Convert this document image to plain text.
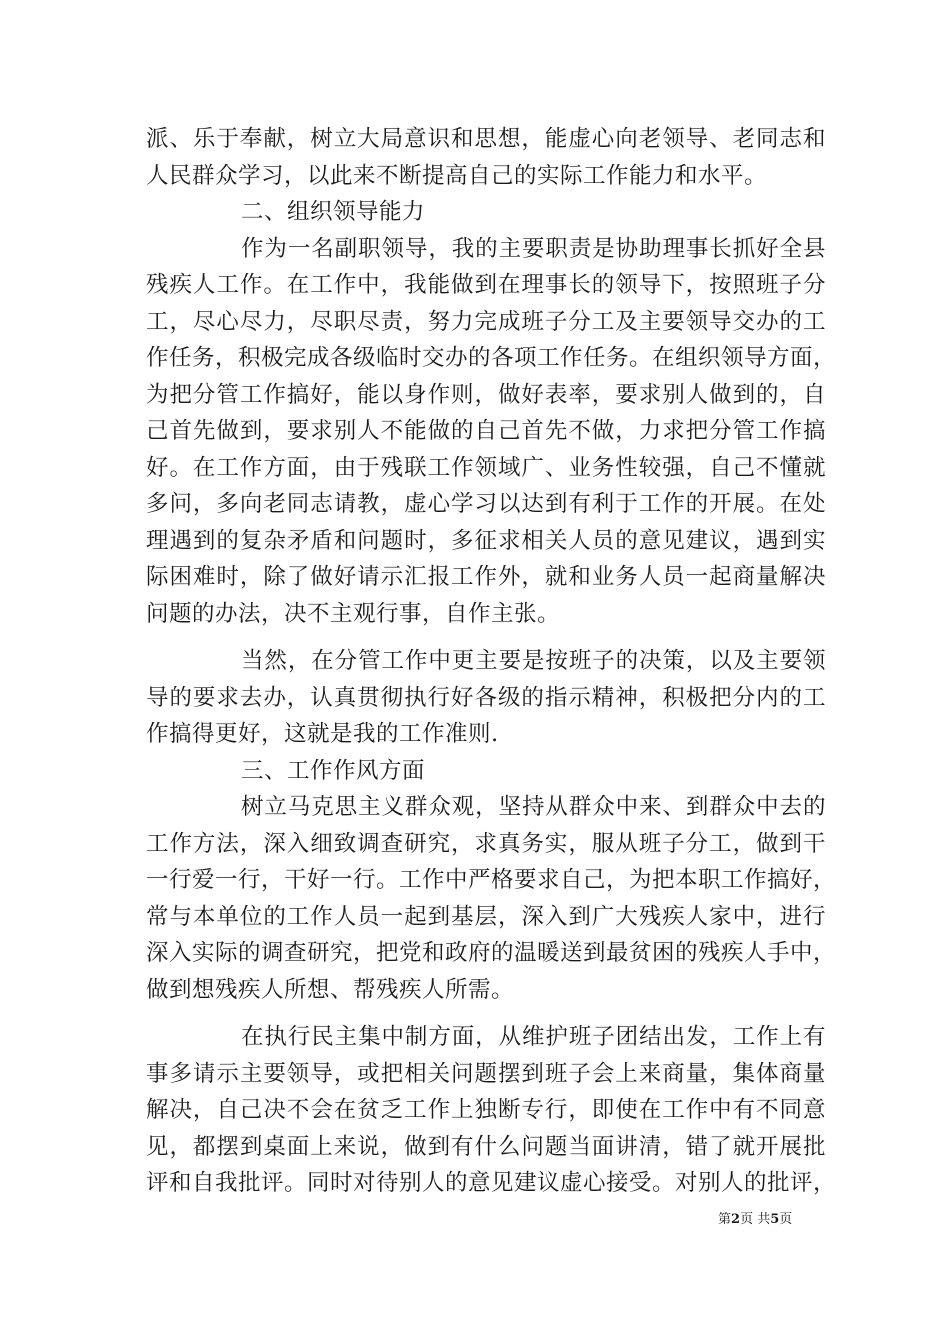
派、乐于奉献，树立大局意识和思想，能虚心向老领导、老同志和
人民群众学习，以此来不断提高自己的实际工作能力和水平。
二、组织领导能力
作为一名副职领导，我的主要职责是协助理事长抓好全县
残疾人工作。在工作中，我能做到在理事长的领导下，按照班子分
工，尽心尽力，尽职尽责，努力完成班子分工及主要领导交办的工
作任务，积极完成各级临时交办的各项工作任务。在组织领导方面，
为把分管工作搞好，能以身作则，做好表率，要求别人做到的，自
己首先做到，要求别人不能做的自己首先不做，力求把分管工作搞
好。在工作方面，由于残联工作领域广、业务性较强，自己不懂就
多问，多向老同志请教，虚心学习以达到有利于工作的开展。在处
理遇到的复杂矛盾和问题时，多征求相关人员的意见建议，遇到实
际困难时，除了做好请示汇报工作外，就和业务人员一起商量解决
问题的办法，决不主观行事，自作主张。
当然，在分管工作中更主要是按班子的决策，以及主要领
导的要求去办，认真贯彻执行好各级的指示精神，积极把分内的工
作搞得更好，这就是我的工作准则.
三、工作作风方面
树立马克思主义群众观，坚持从群众中来、到群众中去的
工作方法，深入细致调查研究，求真务实，服从班子分工，做到干
一行爱一行，干好一行。工作中严格要求自己，为把本职工作搞好，
常与本单位的工作人员一起到基层，深入到广大残疾人家中，进行
深入实际的调查研究，把党和政府的温暖送到最贫困的残疾人手中，
做到想残疾人所想、帮残疾人所需。
在执行民主集中制方面，从维护班子团结出发，工作上有
事多请示主要领导，或把相关问题摆到班子会上来商量，集体商量
解决，自己决不会在贫乏工作上独断专行，即使在工作中有不同意
见，都摆到桌面上来说，做到有什么问题当面讲清，错了就开展批
评和自我批评。同时对待别人的意见建议虚心接受。对别人的批评，
第2页 共5页
